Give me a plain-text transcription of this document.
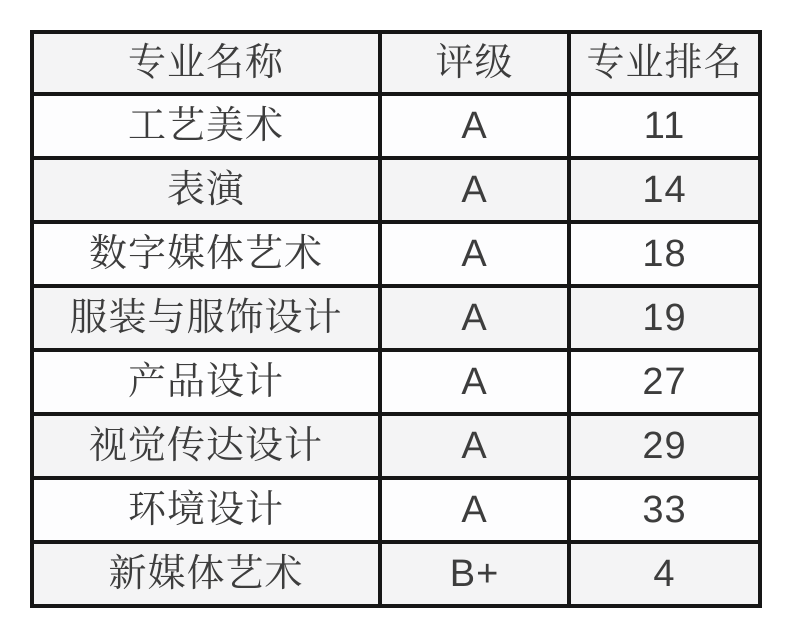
专业名称	评级	专业排名
工艺美术	A	11
表演	A	14
数字媒体艺术	A	18
服装与服饰设计	A	19
产品设计	A	27
视觉传达设计	A	29
环境设计	A	33
新媒体艺术	B+	4
